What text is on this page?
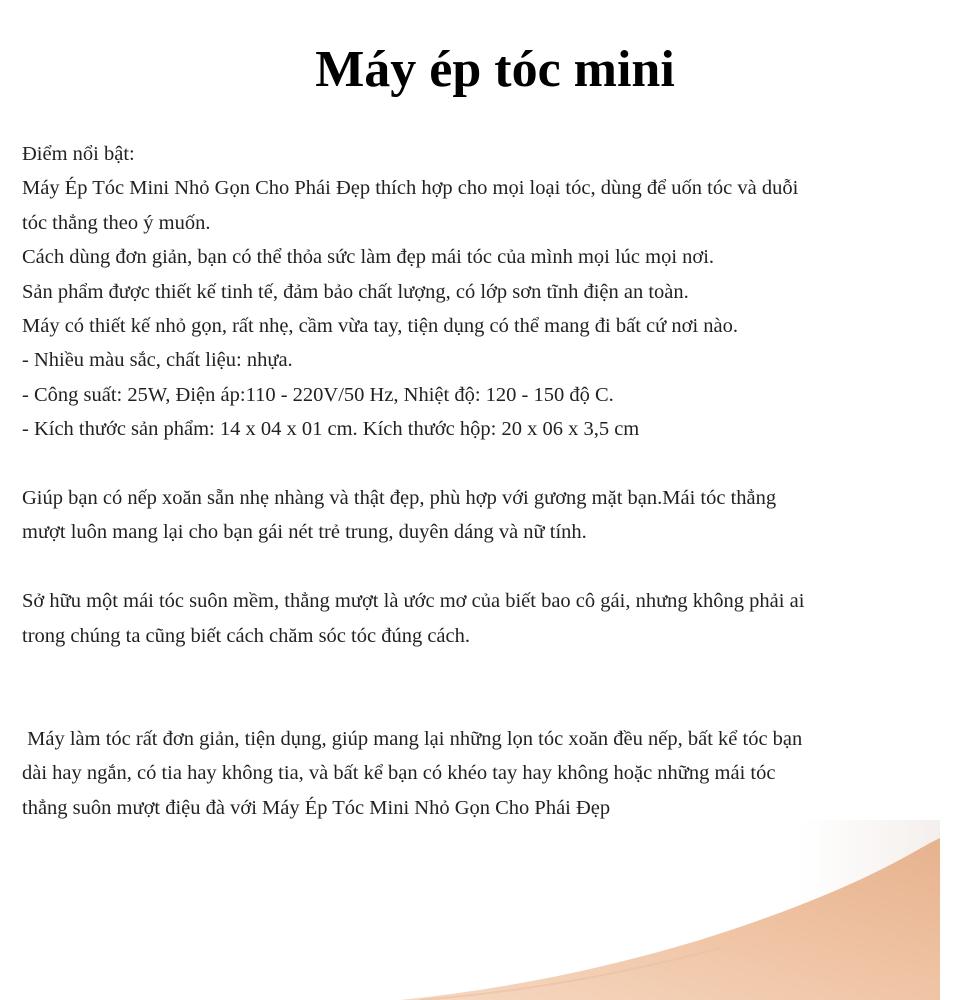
Máy ép tóc mini

Điểm nổi bật:
Máy Ép Tóc Mini Nhỏ Gọn Cho Phái Đẹp thích hợp cho mọi loại tóc, dùng để uốn tóc và duỗi
tóc thẳng theo ý muốn.
Cách dùng đơn giản, bạn có thể thỏa sức làm đẹp mái tóc của mình mọi lúc mọi nơi.
Sản phẩm được thiết kế tinh tế, đảm bảo chất lượng, có lớp sơn tĩnh điện an toàn.
Máy có thiết kế nhỏ gọn, rất nhẹ, cầm vừa tay, tiện dụng có thể mang đi bất cứ nơi nào.
- Nhiều màu sắc, chất liệu: nhựa.
- Công suất: 25W, Điện áp:110 - 220V/50 Hz, Nhiệt độ: 120 - 150 độ C.
- Kích thước sản phẩm: 14 x 04 x 01 cm. Kích thước hộp: 20 x 06 x 3,5 cm

Giúp bạn có nếp xoăn sẵn nhẹ nhàng và thật đẹp, phù hợp với gương mặt bạn.Mái tóc thẳng
mượt luôn mang lại cho bạn gái nét trẻ trung, duyên dáng và nữ tính.

Sở hữu một mái tóc suôn mềm, thẳng mượt là ước mơ của biết bao cô gái, nhưng không phải ai
trong chúng ta cũng biết cách chăm sóc tóc đúng cách.

Máy làm tóc rất đơn giản, tiện dụng, giúp mang lại những lọn tóc xoăn đều nếp, bất kể tóc bạn
dài hay ngắn, có tia hay không tia, và bất kể bạn có khéo tay hay không hoặc những mái tóc
thẳng suôn mượt điệu đà với Máy Ép Tóc Mini Nhỏ Gọn Cho Phái Đẹp
